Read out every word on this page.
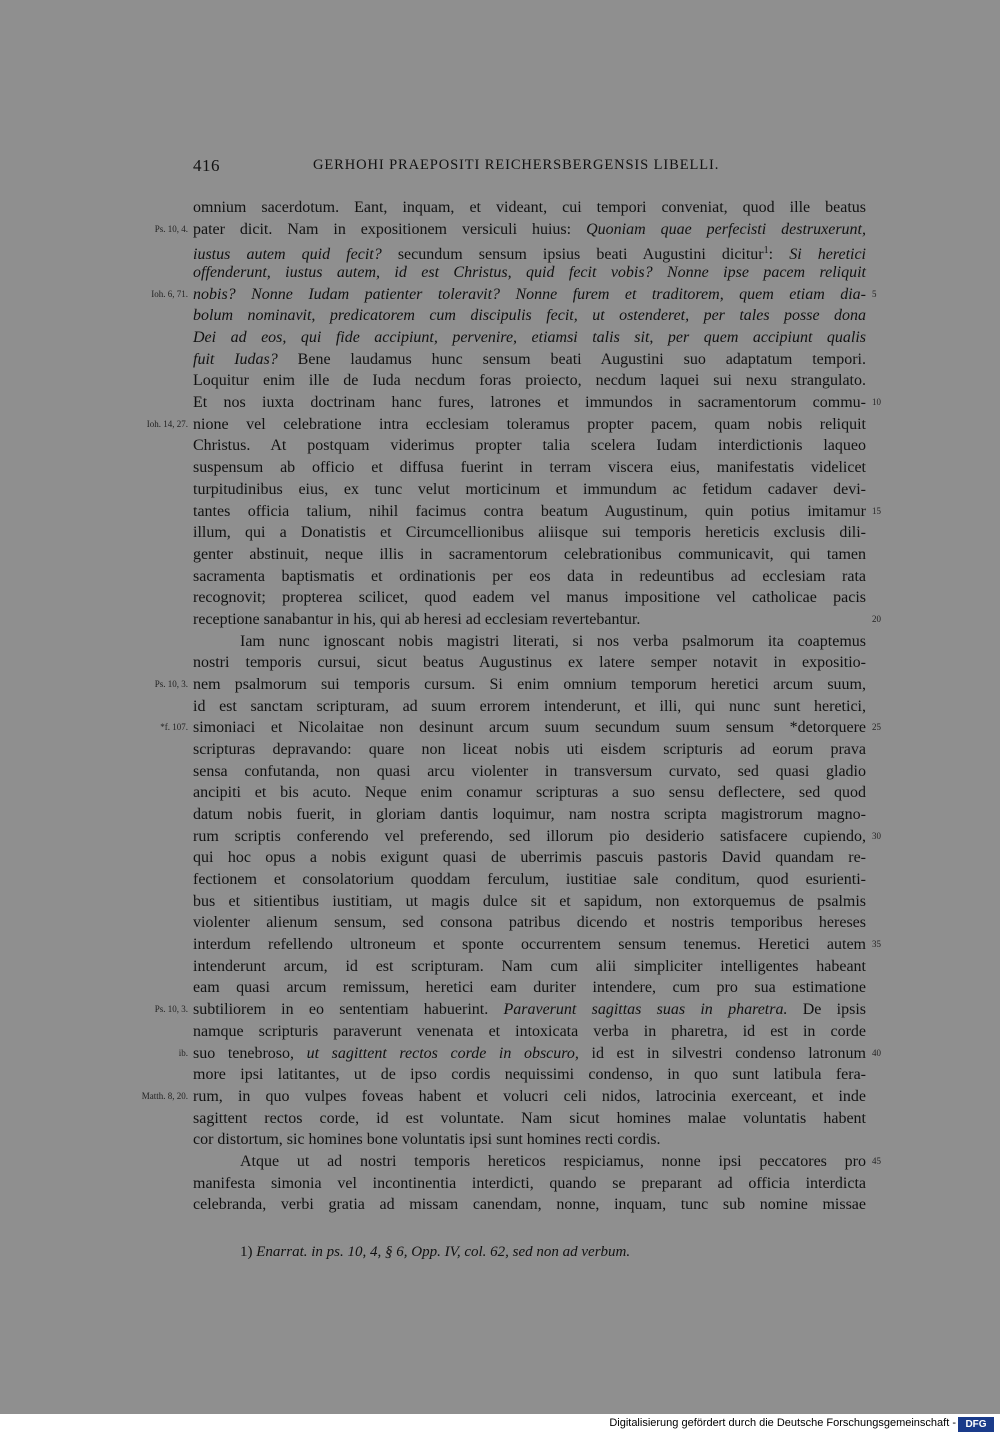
416	GERHOHI PRAEPOSITI REICHERSBERGENSIS LIBELLI.
omnium sacerdotum. Eant, inquam, et videant, cui tempori conveniat, quod ille beatus
pater dicit. Nam in expositionem versiculi huius: Quoniam quae perfecisti destruxerunt,
Ps. 10, 4.
iustus autem quid fecit? secundum sensum ipsius beati Augustini dicitur$^1$: Si heretici
offenderunt, iustus autem, id est Christus, quid fecit vobis? Nonne ipse pacem reliquit
nobis? Nonne Iudam patienter toleravit? Nonne furem et traditorem, quem etiam dia-
Ioh. 6, 71.	5
bolum nominavit, predicatorem cum discipulis fecit, ut ostenderet, per tales posse dona
Dei ad eos, qui fide accipiunt, pervenire, etiamsi talis sit, per quem accipiunt qualis
fuit Iudas? Bene laudamus hunc sensum beati Augustini suo adaptatum tempori.
Loquitur enim ille de Iuda necdum foras proiecto, necdum laquei sui nexu strangulato.
Et nos iuxta doctrinam hanc fures, latrones et immundos in sacramentorum commu- 10
nione vel celebratione intra ecclesiam toleramus propter pacem, quam nobis reliquit
Ioh. 14, 27.
Christus. At postquam viderimus propter talia scelera Iudam interdictionis laqueo
suspensum ab officio et diffusa fuerint in terram viscera eius, manifestatis videlicet
turpitudinibus eius, ex tunc velut morticinum et immundum ac fetidum cadaver devi-
tantes officia talium, nihil facimus contra beatum Augustinum, quin potius imitamur 15
illum, qui a Donatistis et Circumcellionibus aliisque sui temporis hereticis exclusis dili-
genter abstinuit, neque illis in sacramentorum celebrationibus communicavit, qui tamen
sacramenta baptismatis et ordinationis per eos data in redeuntibus ad ecclesiam rata
recognovit; propterea scilicet, quod eadem vel manus impositione vel catholicae pacis
receptione sanabantur in his, qui ab heresi ad ecclesiam revertebantur.	20
Iam nunc ignoscant nobis magistri literati, si nos verba psalmorum ita coaptemus
nostri temporis cursui, sicut beatus Augustinus ex latere semper notavit in expositio-
nem psalmorum sui temporis cursum. Si enim omnium temporum heretici arcum suum,
Ps. 10, 3.
id est sanctam scripturam, ad suum errorem intenderunt, et illi, qui nunc sunt heretici,
simoniaci et Nicolaitae non desinunt arcum suum secundum suum sensum *detorquere
*f. 107.	25
scripturas depravando: quare non liceat nobis uti eisdem scripturis ad eorum prava
sensa confutanda, non quasi arcu violenter in transversum curvato, sed quasi gladio
ancipiti et bis acuto. Neque enim conamur scripturas a suo sensu deflectere, sed quod
datum nobis fuerit, in gloriam dantis loquimur, nam nostra scripta magistrorum magno-
rum scriptis conferendo vel preferendo, sed illorum pio desiderio satisfacere cupiendo, 30
qui hoc opus a nobis exigunt quasi de uberrimis pascuis pastoris David quandam re-
fectionem et consolatorium quoddam ferculum, iustitiae sale conditum, quod esurienti-
bus et sitientibus iustitiam, ut magis dulce sit et sapidum, non extorquemus de psalmis
violenter alienum sensum, sed consona patribus dicendo et nostris temporibus hereses
interdum refellendo ultroneum et sponte occurrentem sensum tenemus. Heretici autem 35
intenderunt arcum, id est scripturam. Nam cum alii simpliciter intelligentes habeant
eam quasi arcum remissum, heretici eam duriter intendere, cum pro sua estimatione
subtiliorem in eo sententiam habuerint. Paraverunt sagittas suas in pharetra. De ipsis
Ps. 10, 3.
namque scripturis paraverunt venenata et intoxicata verba in pharetra, id est in corde
suo tenebroso, ut sagittent rectos corde in obscuro, id est in silvestri condenso latronum
ib.	40
more ipsi latitantes, ut de ipso cordis nequissimi condenso, in quo sunt latibula fera-
rum, in quo vulpes foveas habent et volucri celi nidos, latrocinia exerceant, et inde
Matth. 8, 20.
sagittent rectos corde, id est voluntate. Nam sicut homines malae voluntatis habent
cor distortum, sic homines bone voluntatis ipsi sunt homines recti cordis.
Atque ut ad nostri temporis hereticos respiciamus, nonne ipsi peccatores pro 45
manifesta simonia vel incontinentia interdicti, quando se preparant ad officia interdicta
celebranda, verbi gratia ad missam canendam, nonne, inquam, tunc sub nomine missae
1) Enarrat. in ps. 10, 4, § 6, Opp. IV, col. 62, sed non ad verbum.
Digitalisierung gefördert durch die Deutsche Forschungsgemeinschaft - DFG
